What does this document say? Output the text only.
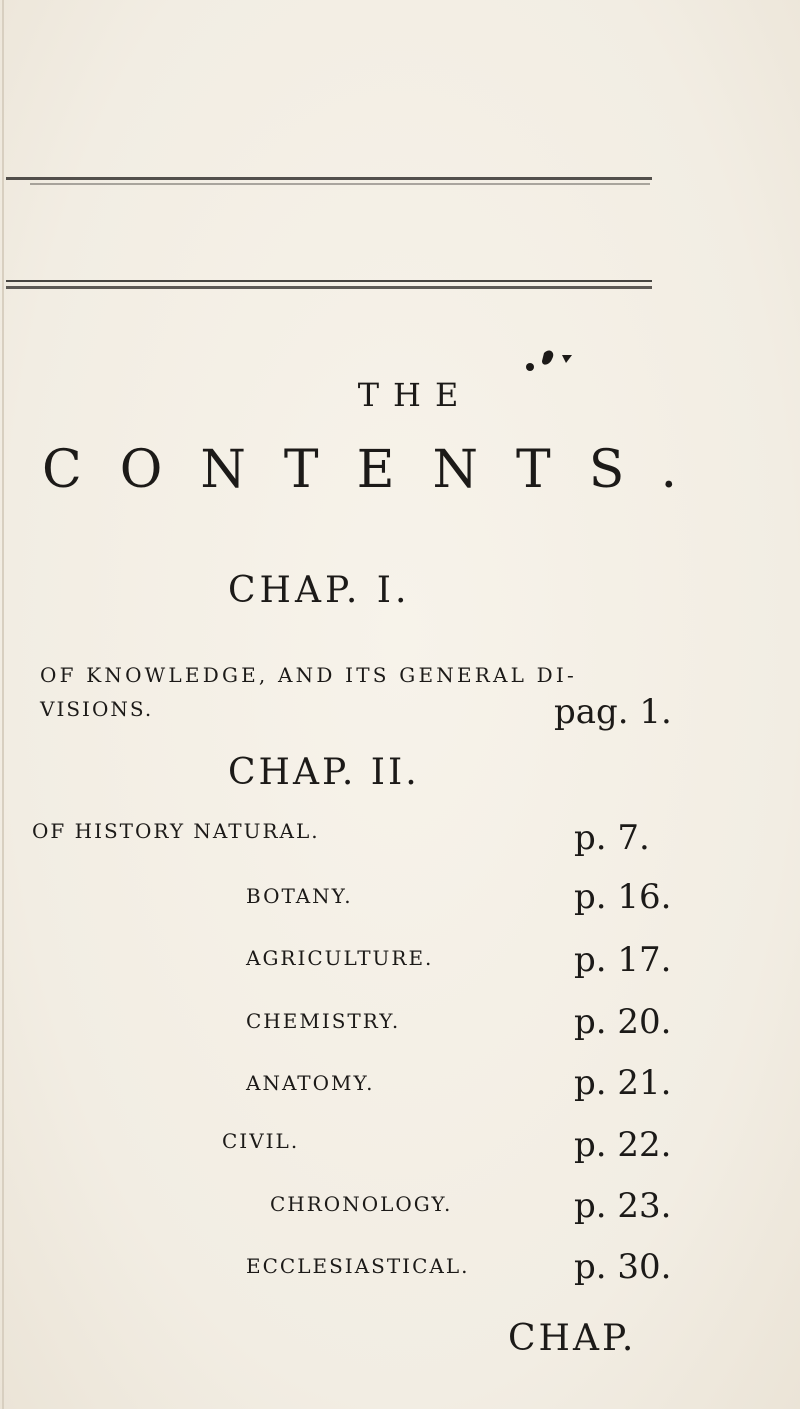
THE

CONTENTS.

CHAP. I.

OF KNOWLEDGE, AND ITS GENERAL DI-

VISIONS.	pag. 1.

CHAP. II.

OF HISTORY NATURAL.	p. 7.

BOTANY.	p. 16.

AGRICULTURE.	p. 17.

CHEMISTRY.	p. 20.

ANATOMY.	p. 21.

CIVIL.	p. 22.

CHRONOLOGY.	p. 23.

ECCLESIASTICAL.	p. 30.

CHAP.
